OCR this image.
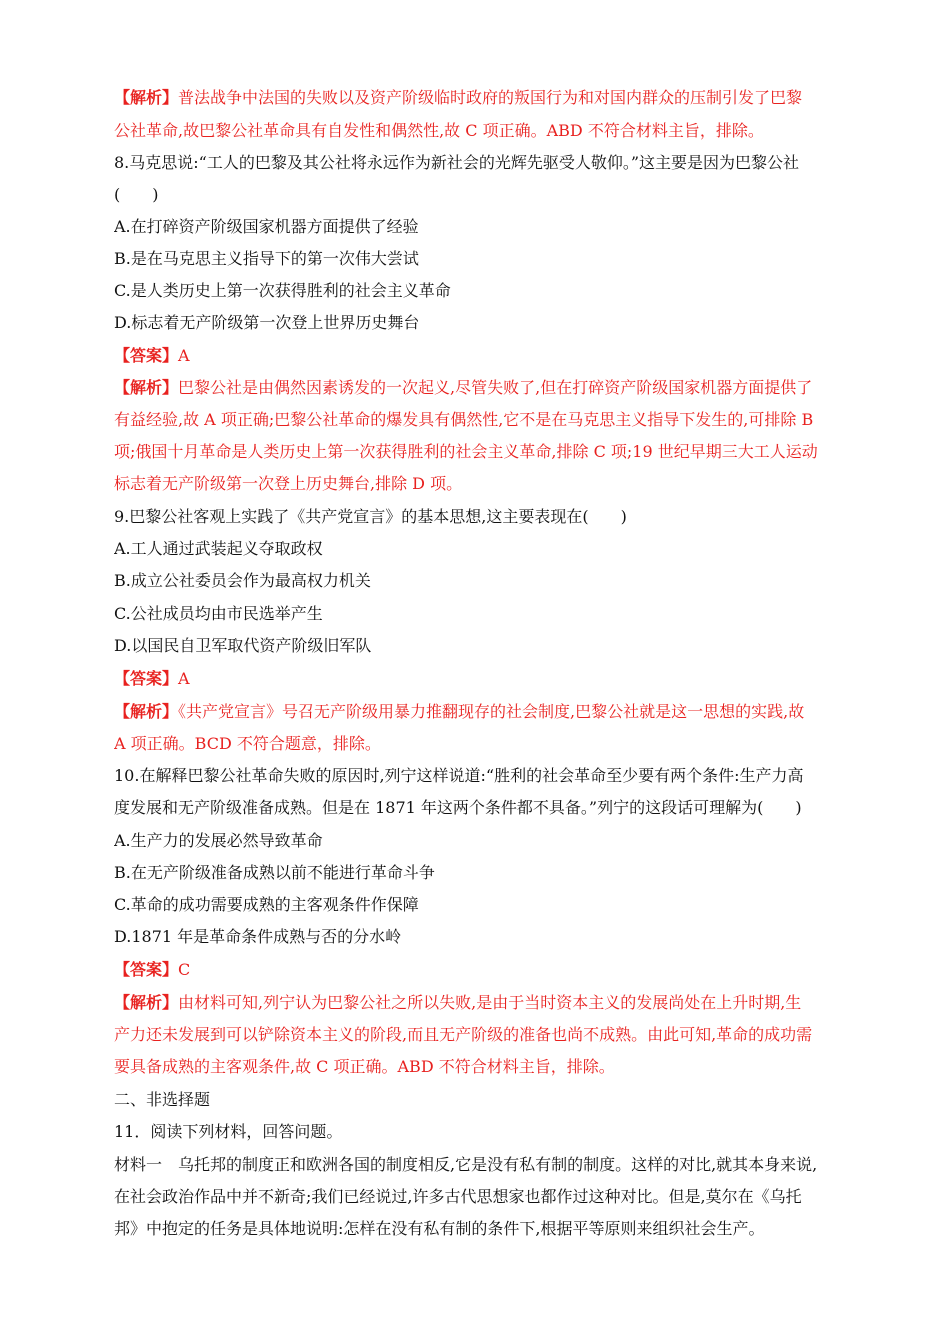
【解析】普法战争中法国的失败以及资产阶级临时政府的叛国行为和对国内群众的压制引发了巴黎
公社革命,故巴黎公社革命具有自发性和偶然性,故 C 项正确。ABD 不符合材料主旨，排除。
8.马克思说:“工人的巴黎及其公社将永远作为新社会的光辉先驱受人敬仰。”这主要是因为巴黎公社
(　　)
A.在打碎资产阶级国家机器方面提供了经验
B.是在马克思主义指导下的第一次伟大尝试
C.是人类历史上第一次获得胜利的社会主义革命
D.标志着无产阶级第一次登上世界历史舞台
【答案】A
【解析】巴黎公社是由偶然因素诱发的一次起义,尽管失败了,但在打碎资产阶级国家机器方面提供了
有益经验,故 A 项正确;巴黎公社革命的爆发具有偶然性,它不是在马克思主义指导下发生的,可排除 B
项;俄国十月革命是人类历史上第一次获得胜利的社会主义革命,排除 C 项;19 世纪早期三大工人运动
标志着无产阶级第一次登上历史舞台,排除 D 项。
9.巴黎公社客观上实践了《共产党宣言》的基本思想,这主要表现在(　　)
A.工人通过武装起义夺取政权
B.成立公社委员会作为最高权力机关
C.公社成员均由市民选举产生
D.以国民自卫军取代资产阶级旧军队
【答案】A
【解析】《共产党宣言》号召无产阶级用暴力推翻现存的社会制度,巴黎公社就是这一思想的实践,故
A 项正确。BCD 不符合题意，排除。
10.在解释巴黎公社革命失败的原因时,列宁这样说道:“胜利的社会革命至少要有两个条件:生产力高
度发展和无产阶级准备成熟。但是在 1871 年这两个条件都不具备。”列宁的这段话可理解为(　　)
A.生产力的发展必然导致革命
B.在无产阶级准备成熟以前不能进行革命斗争
C.革命的成功需要成熟的主客观条件作保障
D.1871 年是革命条件成熟与否的分水岭
【答案】C
【解析】由材料可知,列宁认为巴黎公社之所以失败,是由于当时资本主义的发展尚处在上升时期,生
产力还未发展到可以铲除资本主义的阶段,而且无产阶级的准备也尚不成熟。由此可知,革命的成功需
要具备成熟的主客观条件,故 C 项正确。ABD 不符合材料主旨，排除。
二、非选择题
11．阅读下列材料，回答问题。
材料一　乌托邦的制度正和欧洲各国的制度相反,它是没有私有制的制度。这样的对比,就其本身来说,
在社会政治作品中并不新奇;我们已经说过,许多古代思想家也都作过这种对比。但是,莫尔在《乌托
邦》中抱定的任务是具体地说明:怎样在没有私有制的条件下,根据平等原则来组织社会生产。
